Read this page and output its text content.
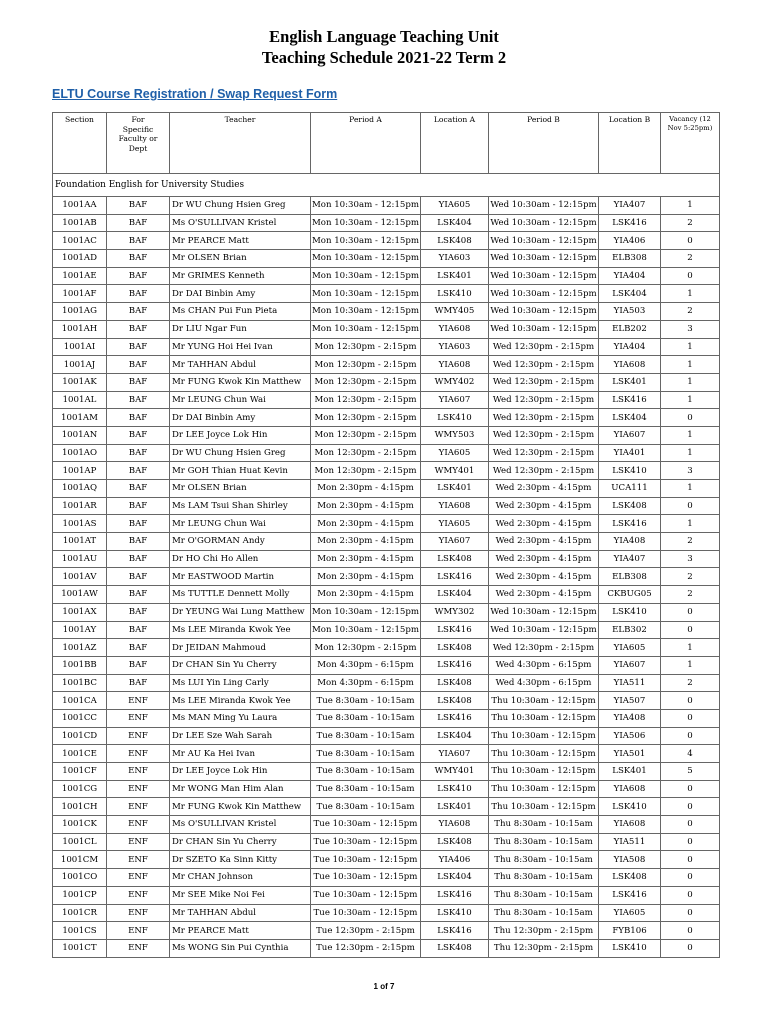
English Language Teaching Unit
Teaching Schedule 2021-22 Term 2
ELTU Course Registration / Swap Request Form
Section	For Specific Faculty or Dept	Teacher	Period A	Location A	Period B	Location B	Vacancy (12 Nov 5:25pm)
Foundation English for University Studies							
1001AA	BAF	Dr WU Chung Hsien Greg	Mon 10:30am - 12:15pm	YIA605	Wed 10:30am - 12:15pm	YIA407	1
1001AB	BAF	Ms O'SULLIVAN Kristel	Mon 10:30am - 12:15pm	LSK404	Wed 10:30am - 12:15pm	LSK416	2
1001AC	BAF	Mr PEARCE Matt	Mon 10:30am - 12:15pm	LSK408	Wed 10:30am - 12:15pm	YIA406	0
1001AD	BAF	Mr OLSEN Brian	Mon 10:30am - 12:15pm	YIA603	Wed 10:30am - 12:15pm	ELB308	2
1001AE	BAF	Mr GRIMES Kenneth	Mon 10:30am - 12:15pm	LSK401	Wed 10:30am - 12:15pm	YIA404	0
1001AF	BAF	Dr DAI Binbin Amy	Mon 10:30am - 12:15pm	LSK410	Wed 10:30am - 12:15pm	LSK404	1
1001AG	BAF	Ms CHAN Pui Fun Pieta	Mon 10:30am - 12:15pm	WMY405	Wed 10:30am - 12:15pm	YIA503	2
1001AH	BAF	Dr LIU Ngar Fun	Mon 10:30am - 12:15pm	YIA608	Wed 10:30am - 12:15pm	ELB202	3
1001AI	BAF	Mr YUNG Hoi Hei Ivan	Mon 12:30pm - 2:15pm	YIA603	Wed 12:30pm - 2:15pm	YIA404	1
1001AJ	BAF	Mr TAHHAN Abdul	Mon 12:30pm - 2:15pm	YIA608	Wed 12:30pm - 2:15pm	YIA608	1
1001AK	BAF	Mr FUNG Kwok Kin Matthew	Mon 12:30pm - 2:15pm	WMY402	Wed 12:30pm - 2:15pm	LSK401	1
1001AL	BAF	Mr LEUNG Chun Wai	Mon 12:30pm - 2:15pm	YIA607	Wed 12:30pm - 2:15pm	LSK416	1
1001AM	BAF	Dr DAI Binbin Amy	Mon 12:30pm - 2:15pm	LSK410	Wed 12:30pm - 2:15pm	LSK404	0
1001AN	BAF	Dr LEE Joyce Lok Hin	Mon 12:30pm - 2:15pm	WMY503	Wed 12:30pm - 2:15pm	YIA607	1
1001AO	BAF	Dr WU Chung Hsien Greg	Mon 12:30pm - 2:15pm	YIA605	Wed 12:30pm - 2:15pm	YIA401	1
1001AP	BAF	Mr GOH Thian Huat Kevin	Mon 12:30pm - 2:15pm	WMY401	Wed 12:30pm - 2:15pm	LSK410	3
1001AQ	BAF	Mr OLSEN Brian	Mon 2:30pm - 4:15pm	LSK401	Wed 2:30pm - 4:15pm	UCA111	1
1001AR	BAF	Ms LAM Tsui Shan Shirley	Mon 2:30pm - 4:15pm	YIA608	Wed 2:30pm - 4:15pm	LSK408	0
1001AS	BAF	Mr LEUNG Chun Wai	Mon 2:30pm - 4:15pm	YIA605	Wed 2:30pm - 4:15pm	LSK416	1
1001AT	BAF	Mr O'GORMAN Andy	Mon 2:30pm - 4:15pm	YIA607	Wed 2:30pm - 4:15pm	YIA408	2
1001AU	BAF	Dr HO Chi Ho Allen	Mon 2:30pm - 4:15pm	LSK408	Wed 2:30pm - 4:15pm	YIA407	3
1001AV	BAF	Mr EASTWOOD Martin	Mon 2:30pm - 4:15pm	LSK416	Wed 2:30pm - 4:15pm	ELB308	2
1001AW	BAF	Ms TUTTLE Dennett Molly	Mon 2:30pm - 4:15pm	LSK404	Wed 2:30pm - 4:15pm	CKBUG05	2
1001AX	BAF	Dr YEUNG Wai Lung Matthew	Mon 10:30am - 12:15pm	WMY302	Wed 10:30am - 12:15pm	LSK410	0
1001AY	BAF	Ms LEE Miranda Kwok Yee	Mon 10:30am - 12:15pm	LSK416	Wed 10:30am - 12:15pm	ELB302	0
1001AZ	BAF	Dr JEIDAN Mahmoud	Mon 12:30pm - 2:15pm	LSK408	Wed 12:30pm - 2:15pm	YIA605	1
1001BB	BAF	Dr CHAN Sin Yu Cherry	Mon 4:30pm - 6:15pm	LSK416	Wed 4:30pm - 6:15pm	YIA607	1
1001BC	BAF	Ms LUI Yin Ling Carly	Mon 4:30pm - 6:15pm	LSK408	Wed 4:30pm - 6:15pm	YIA511	2
1001CA	ENF	Ms LEE Miranda Kwok Yee	Tue 8:30am - 10:15am	LSK408	Thu 10:30am - 12:15pm	YIA507	0
1001CC	ENF	Ms MAN Ming Yu Laura	Tue 8:30am - 10:15am	LSK416	Thu 10:30am - 12:15pm	YIA408	0
1001CD	ENF	Dr LEE Sze Wah Sarah	Tue 8:30am - 10:15am	LSK404	Thu 10:30am - 12:15pm	YIA506	0
1001CE	ENF	Mr AU Ka Hei Ivan	Tue 8:30am - 10:15am	YIA607	Thu 10:30am - 12:15pm	YIA501	4
1001CF	ENF	Dr LEE Joyce Lok Hin	Tue 8:30am - 10:15am	WMY401	Thu 10:30am - 12:15pm	LSK401	5
1001CG	ENF	Mr WONG Man Him Alan	Tue 8:30am - 10:15am	LSK410	Thu 10:30am - 12:15pm	YIA608	0
1001CH	ENF	Mr FUNG Kwok Kin Matthew	Tue 8:30am - 10:15am	LSK401	Thu 10:30am - 12:15pm	LSK410	0
1001CK	ENF	Ms O'SULLIVAN Kristel	Tue 10:30am - 12:15pm	YIA608	Thu 8:30am - 10:15am	YIA608	0
1001CL	ENF	Dr CHAN Sin Yu Cherry	Tue 10:30am - 12:15pm	LSK408	Thu 8:30am - 10:15am	YIA511	0
1001CM	ENF	Dr SZETO Ka Sinn Kitty	Tue 10:30am - 12:15pm	YIA406	Thu 8:30am - 10:15am	YIA508	0
1001CO	ENF	Mr CHAN Johnson	Tue 10:30am - 12:15pm	LSK404	Thu 8:30am - 10:15am	LSK408	0
1001CP	ENF	Mr SEE Mike Noi Fei	Tue 10:30am - 12:15pm	LSK416	Thu 8:30am - 10:15am	LSK416	0
1001CR	ENF	Mr TAHHAN Abdul	Tue 10:30am - 12:15pm	LSK410	Thu 8:30am - 10:15am	YIA605	0
1001CS	ENF	Mr PEARCE Matt	Tue 12:30pm - 2:15pm	LSK416	Thu 12:30pm - 2:15pm	FYB106	0
1001CT	ENF	Ms WONG Sin Pui Cynthia	Tue 12:30pm - 2:15pm	LSK408	Thu 12:30pm - 2:15pm	LSK410	0
1 of 7
